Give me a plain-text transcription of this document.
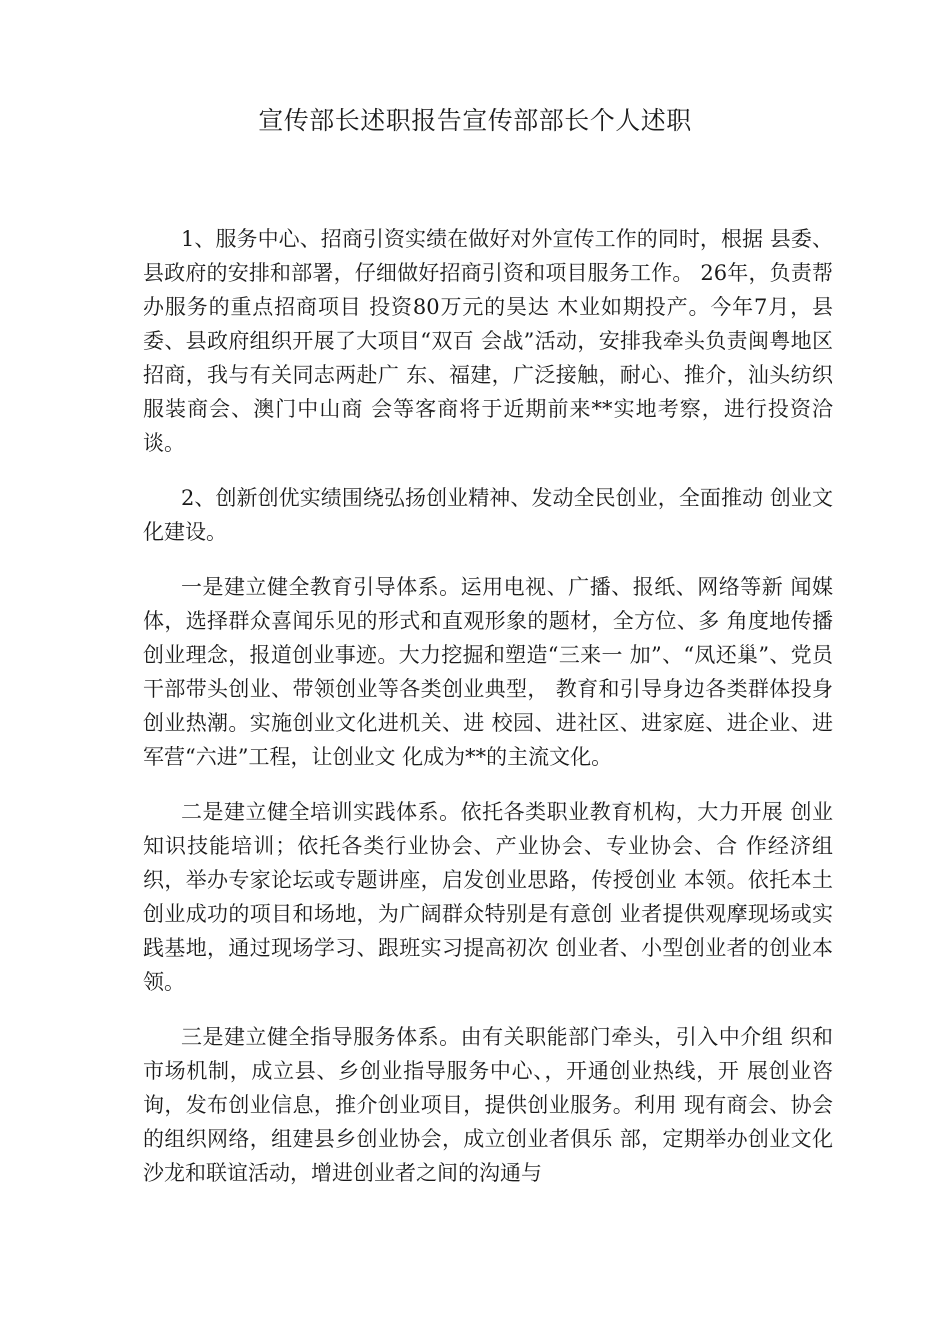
宣传部长述职报告宣传部部长个人述职

1、服务中心、招商引资实绩在做好对外宣传工作的同时，根据 县委、县政府的安排和部署，仔细做好招商引资和项目服务工作。 26年，负责帮办服务的重点招商项目 投资80万元的昊达 木业如期投产。今年7月，县委、县政府组织开展了大项目“双百 会战”活动，安排我牵头负责闽粤地区招商，我与有关同志两赴广 东、福建，广泛接触，耐心、推介，汕头纺织服装商会、澳门中山商 会等客商将于近期前来**实地考察，进行投资洽谈。

2、创新创优实绩围绕弘扬创业精神、发动全民创业，全面推动 创业文化建设。

一是建立健全教育引导体系。运用电视、广播、报纸、网络等新 闻媒体，选择群众喜闻乐见的形式和直观形象的题材，全方位、多 角度地传播创业理念，报道创业事迹。大力挖掘和塑造“三来一 加”、“凤还巢”、党员干部带头创业、带领创业等各类创业典型， 教育和引导身边各类群体投身创业热潮。实施创业文化进机关、进 校园、进社区、进家庭、进企业、进军营“六进”工程，让创业文 化成为**的主流文化。

二是建立健全培训实践体系。依托各类职业教育机构，大力开展 创业知识技能培训；依托各类行业协会、产业协会、专业协会、合 作经济组织，举办专家论坛或专题讲座，启发创业思路，传授创业 本领。依托本土创业成功的项目和场地，为广阔群众特别是有意创 业者提供观摩现场或实践基地，通过现场学习、跟班实习提高初次 创业者、小型创业者的创业本领。

三是建立健全指导服务体系。由有关职能部门牵头，引入中介组 织和市场机制，成立县、乡创业指导服务中心、，开通创业热线，开 展创业咨询，发布创业信息，推介创业项目，提供创业服务。利用 现有商会、协会的组织网络，组建县乡创业协会，成立创业者俱乐 部，定期举办创业文化沙龙和联谊活动，增进创业者之间的沟通与
